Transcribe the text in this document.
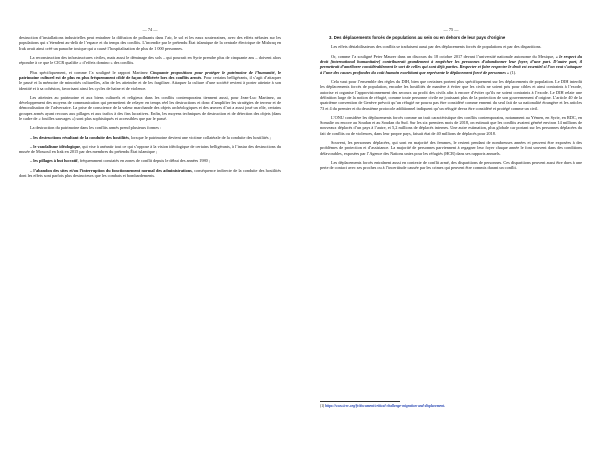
— 74 —

destruction d’installations industrielles peut entraîner la diffusion de polluants dans l’air, le sol et les eaux souterraines, avec des effets néfastes sur les populations qui s’étendent au-delà de l’espace et du temps des conflits. L’incendie par le prétendu État islamique de la centrale électrique de Mishraq en Irak avait ainsi créé un panache toxique qui a causé l’hospitalisation de plus de 1 000 personnes.

La reconstruction des infrastructures civiles, mais aussi le déminage des sols – qui pourrait en Syrie prendre plus de cinquante ans – doivent alors répondre à ce que le CICR qualifie « d’effets domino » des conflits.

Plus spécifiquement, et comme l’a souligné le rapport Martinez Cinquante propositions pour protéger le patrimoine de l’humanité, le patrimoine culturel est de plus en plus fréquemment ciblé de façon délibérée lors des conflits armés. Pour certains belligérants, il s’agit d’attaquer le passé et la mémoire de minorités culturelles, afin de les atteindre et de les fragiliser. Attaquer la culture d’une société revient à porter atteinte à son identité et à sa cohésion, favorisant ainsi les cycles de haine et de violence.

Les atteintes au patrimoine et aux biens culturels et religieux dans les conflits contemporains tiennent aussi, pour Jean-Luc Martinez, au développement des moyens de communication qui permettent de relayer en temps réel les destructions et donc d’amplifier les stratégies de terreur et de démoralisation de l’adversaire. La prise de conscience de la valeur marchande des objets archéologiques et des œuvres d’art a aussi joué un rôle, certains groupes armés ayant recours aux pillages et aux trafics à des fins lucratives. Enfin, les moyens techniques de destruction et de détection des objets (dans le cadre de « fouilles sauvages ») sont plus sophistiqués et accessibles que par le passé.

La destruction du patrimoine dans les conflits armés prend plusieurs formes :

– les destructions résultant de la conduite des hostilités, lorsque le patrimoine devient une victime collatérale de la conduite des hostilités ;

– le vandalisme idéologique, qui vise à anéantir tout ce qui s’oppose à la vision idéologique de certains belligérants, à l’instar des destructions du musée de Mossoul en Irak en 2015 par des membres du prétendu État islamique ;

– les pillages à but lucratif, fréquemment constatés en zones de conflit depuis le début des années 1980 ;

– l’abandon des sites et/ou l’interruption du fonctionnement normal des administrations, conséquence indirecte de la conduite des hostilités dont les effets sont parfois plus destructeurs que les combats et bombardements.

— 75 —
3. Des déplacements forcés de populations au sein ou en dehors de leur pays d’origine

Les effets déstabilisateurs des conflits se traduisent aussi par des déplacements forcés de populations et par des disparitions.

Or, comme l’a souligné Peter Maurer dans un discours du 18 octobre 2017 devant l’université nationale autonome du Mexique, « le respect du droit [international humanitaire] contribuerait grandement à empêcher les personnes d’abandonner leur foyer, d’une part. D’autre part, il permettrait d’améliorer considérablement le sort de celles qui sont déjà parties. Respecter et faire respecter le droit est essentiel si l’on veut s’attaquer à l’une des causes profondes du coût humain exorbitant que représente le déplacement forcé de personnes » (1).

Cela vaut pour l’ensemble des règles du DIH, bien que certaines portent plus spécifiquement sur les déplacements de population. Le DIH interdit les déplacements forcés de population, encadre les hostilités de manière à éviter que les civils ne soient pris pour cibles et ainsi contraints à l’exode, autorise et organise l’approvisionnement des secours au profit des civils afin à encore d’éviter qu’ils ne soient contraints à l’exode. Le DIH relaie une définition large de la notion de réfugié, comme toute personne civile ne jouissant plus de la protection de son gouvernement d’origine. L’article 40 de la quatrième convention de Genève prévoit qu’un réfugié ne pourra pas être considéré comme ennemi du seul fait de sa nationalité étrangère et les articles 73 et 4 du premier et du deuxième protocole additionnel indiquent qu’un réfugié devra être considéré et protégé comme un civil.

L’ONU considère les déplacements forcés comme un trait caractéristique des conflits contemporains, notamment au Yémen, en Syrie, en RDC, en Somalie ou encore au Soudan et au Soudan du Sud. Sur les six premiers mois de 2018, on estimait que les conflits avaient généré environ 14 millions de nouveaux déplacés d’un pays à l’autre, et 5,2 millions de déplacés internes. Une autre estimation, plus globale car portant sur les personnes déplacées du fait de conflits ou de violences, dans leur propre pays, faisait état de 40 millions de déplacés pour 2018.

Souvent, les personnes déplacées, qui sont en majorité des femmes, le restent pendant de nombreuses années et peuvent être exposées à des problèmes de protection et d’assistance. La majorité de personnes parviennent à regagner leur foyer chaque année le font souvent dans des conditions défavorables, exposées par l’Agence des Nations unies pour les réfugiés (HCR) dans ses rapports annuels.

Les déplacements forcés entraînent aussi en contexte de conflit armé, des disparitions de personnes. Ces disparitions peuvent aussi être dues à une perte de contact avec ses proches ou à l’incertitude causée par les crimes qui peuvent être commis durant un conflit.

(1) https://www.icrc.org/fr/document/critical-challenge-migration-and-displacement.
